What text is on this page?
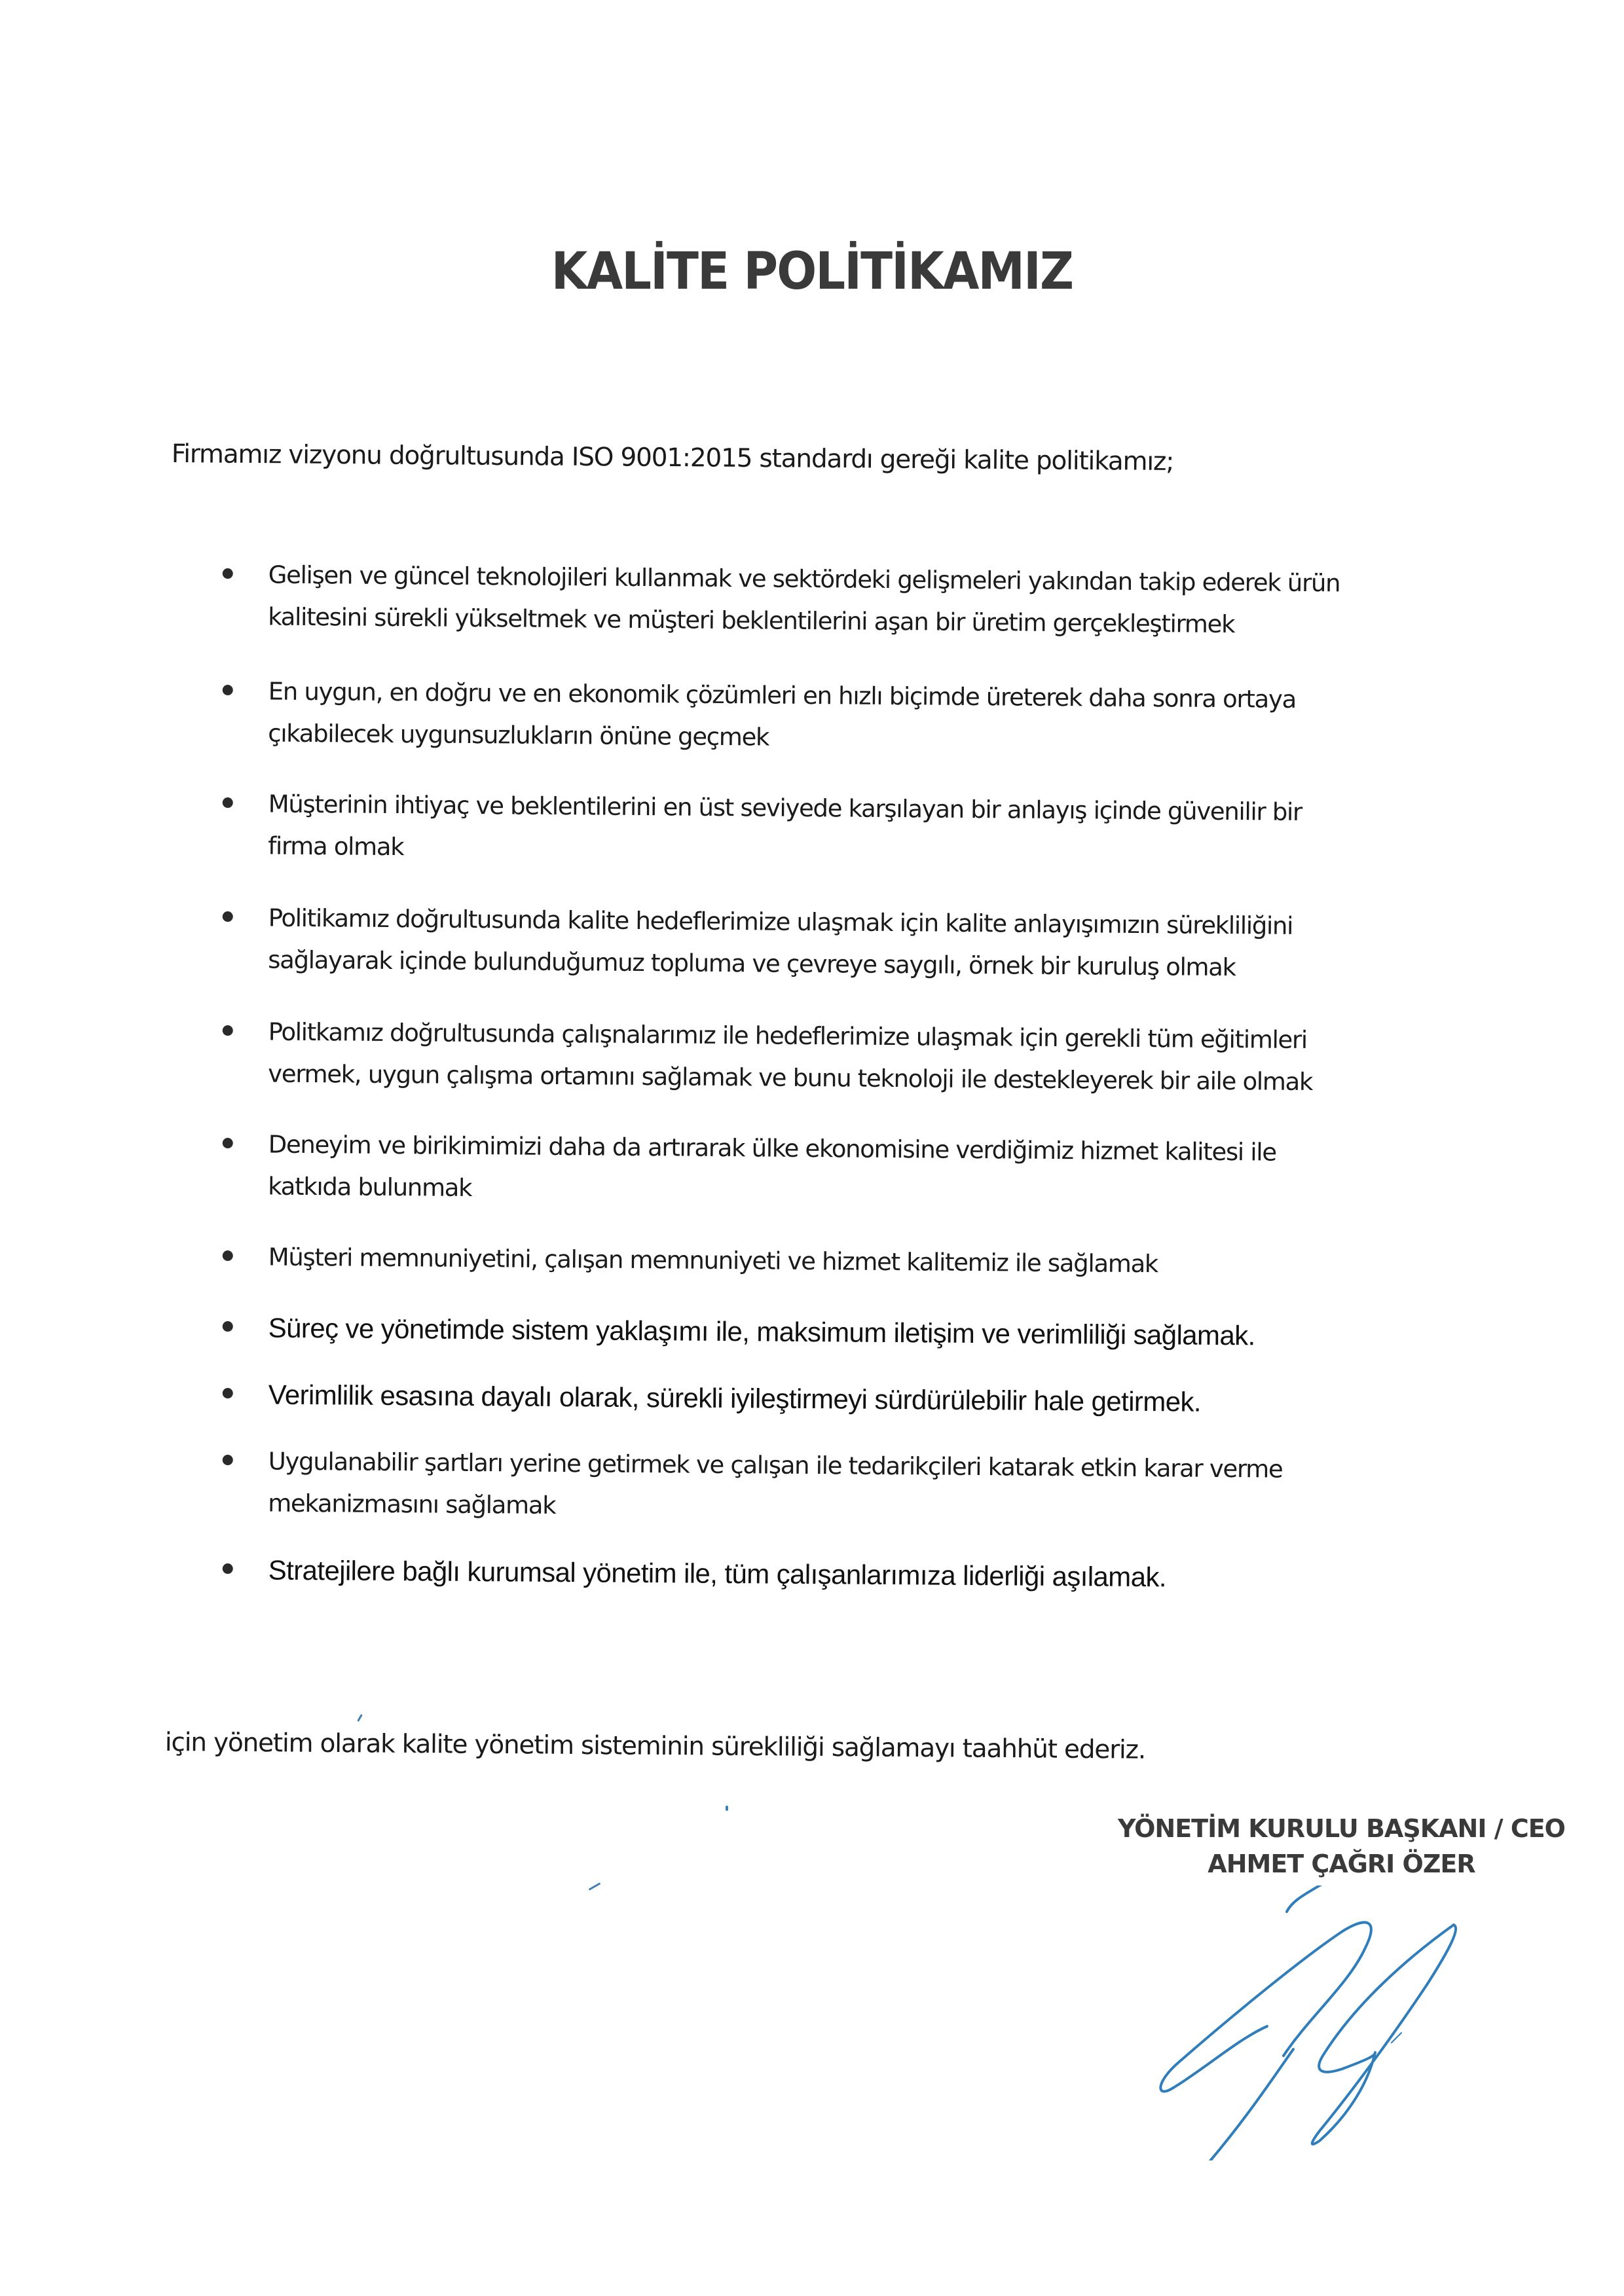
KALİTE POLİTİKAMIZ

Firmamız vizyonu doğrultusunda ISO 9001:2015 standardı gereği kalite politikamız;

Gelişen ve güncel teknolojileri kullanmak ve sektördeki gelişmeleri yakından takip ederek ürün
kalitesini sürekli yükseltmek ve müşteri beklentilerini aşan bir üretim gerçekleştirmek
En uygun, en doğru ve en ekonomik çözümleri en hızlı biçimde üreterek daha sonra ortaya
çıkabilecek uygunsuzlukların önüne geçmek
Müşterinin ihtiyaç ve beklentilerini en üst seviyede karşılayan bir anlayış içinde güvenilir bir
firma olmak
Politikamız doğrultusunda kalite hedeflerimize ulaşmak için kalite anlayışımızın sürekliliğini
sağlayarak içinde bulunduğumuz topluma ve çevreye saygılı, örnek bir kuruluş olmak
Politkamız doğrultusunda çalışnalarımız ile hedeflerimize ulaşmak için gerekli tüm eğitimleri
vermek, uygun çalışma ortamını sağlamak ve bunu teknoloji ile destekleyerek bir aile olmak
Deneyim ve birikimimizi daha da artırarak ülke ekonomisine verdiğimiz hizmet kalitesi ile
katkıda bulunmak
Müşteri memnuniyetini, çalışan memnuniyeti ve hizmet kalitemiz ile sağlamak
Süreç ve yönetimde sistem yaklaşımı ile, maksimum iletişim ve verimliliği sağlamak.
Verimlilik esasına dayalı olarak, sürekli iyileştirmeyi sürdürülebilir hale getirmek.
Uygulanabilir şartları yerine getirmek ve çalışan ile tedarikçileri katarak etkin karar verme
mekanizmasını sağlamak
Stratejilere bağlı kurumsal yönetim ile, tüm çalışanlarımıza liderliği aşılamak.

için yönetim olarak kalite yönetim sisteminin sürekliliği sağlamayı taahhüt ederiz.

YÖNETİM KURULU BAŞKANI / CEO
AHMET ÇAĞRI ÖZER
